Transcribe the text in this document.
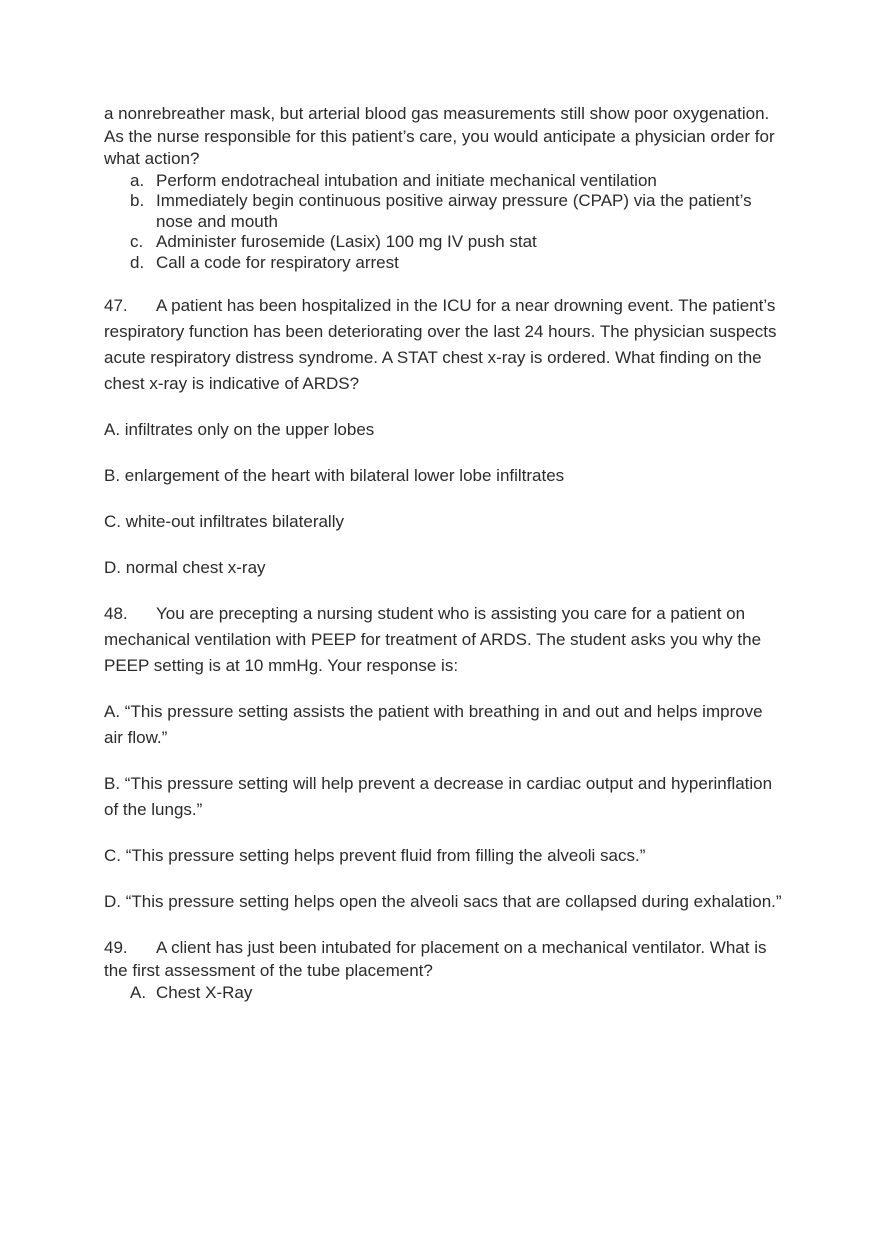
a nonrebreather mask, but arterial blood gas measurements still show poor oxygenation. As the nurse responsible for this patient’s care, you would anticipate a physician order for what action?

a. Perform endotracheal intubation and initiate mechanical ventilation
b. Immediately begin continuous positive airway pressure (CPAP) via the patient’s nose and mouth
c. Administer furosemide (Lasix) 100 mg IV push stat
d. Call a code for respiratory arrest

47. A patient has been hospitalized in the ICU for a near drowning event. The patient’s respiratory function has been deteriorating over the last 24 hours. The physician suspects acute respiratory distress syndrome. A STAT chest x-ray is ordered. What finding on the chest x-ray is indicative of ARDS?

A. infiltrates only on the upper lobes

B. enlargement of the heart with bilateral lower lobe infiltrates

C. white-out infiltrates bilaterally

D. normal chest x-ray

48. You are precepting a nursing student who is assisting you care for a patient on mechanical ventilation with PEEP for treatment of ARDS. The student asks you why the PEEP setting is at 10 mmHg. Your response is:

A. “This pressure setting assists the patient with breathing in and out and helps improve air flow.”

B. “This pressure setting will help prevent a decrease in cardiac output and hyperinflation of the lungs.”

C. “This pressure setting helps prevent fluid from filling the alveoli sacs.”

D. “This pressure setting helps open the alveoli sacs that are collapsed during exhalation.”

49. A client has just been intubated for placement on a mechanical ventilator. What is the first assessment of the tube placement?

A. Chest X-Ray
